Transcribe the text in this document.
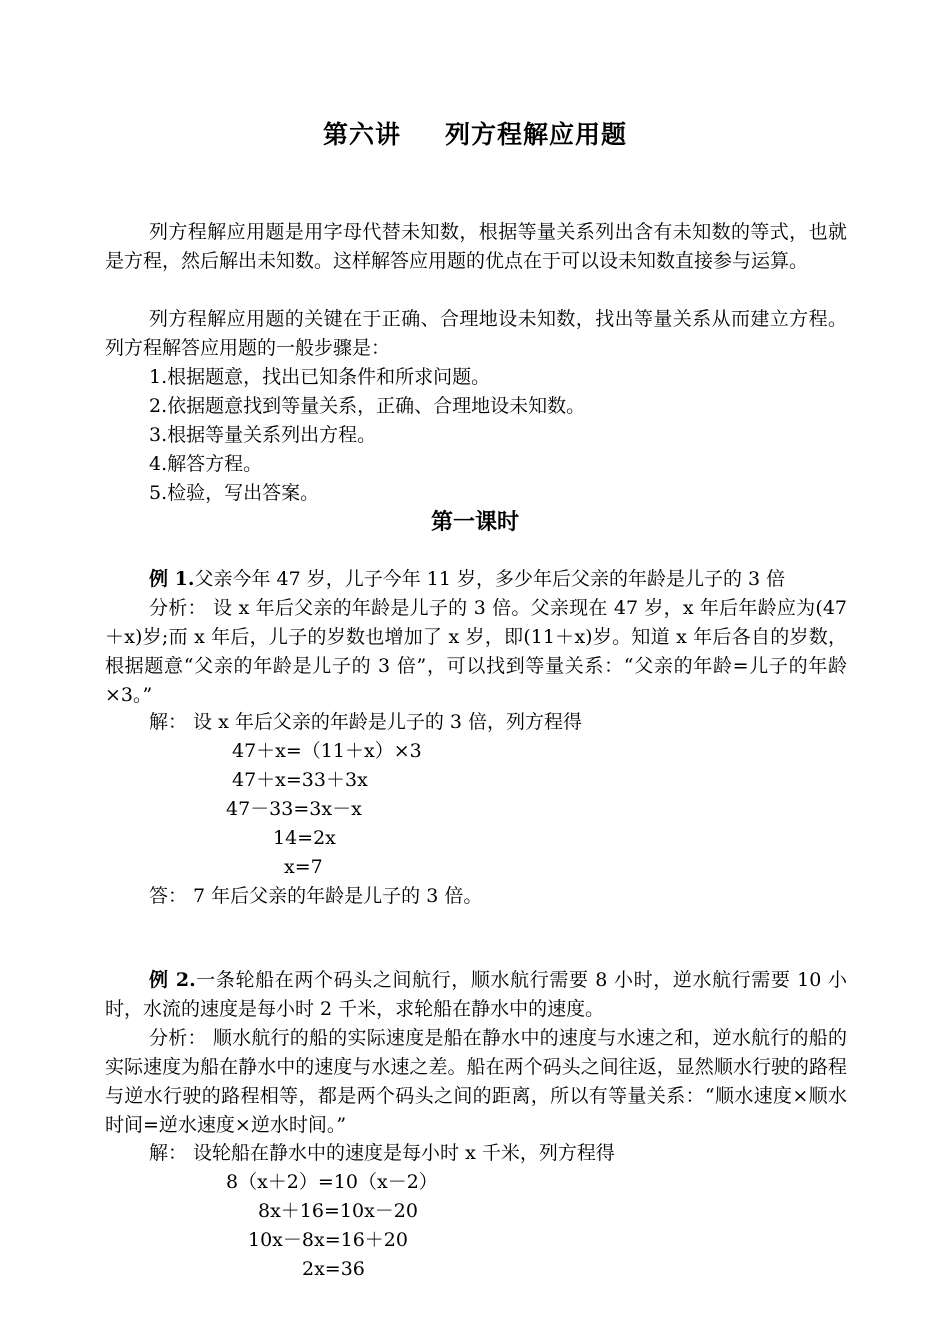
第六讲 列方程解应用题

列方程解应用题是用字母代替未知数，根据等量关系列出含有未知数的等式，也就是方程，然后解出未知数。这样解答应用题的优点在于可以设未知数直接参与运算。

列方程解应用题的关键在于正确、合理地设未知数，找出等量关系从而建立方程。列方程解答应用题的一般步骤是：

1.根据题意，找出已知条件和所求问题。
2.依据题意找到等量关系，正确、合理地设未知数。
3.根据等量关系列出方程。
4.解答方程。
5.检验，写出答案。
第一课时

例 1.父亲今年 47 岁，儿子今年 11 岁，多少年后父亲的年龄是儿子的 3 倍

分析： 设 x 年后父亲的年龄是儿子的 3 倍。父亲现在 47 岁，x 年后年龄应为(47＋x)岁;而 x 年后，儿子的岁数也增加了 x 岁，即(11＋x)岁。知道 x 年后各自的岁数，根据题意“父亲的年龄是儿子的 3 倍”，可以找到等量关系：“父亲的年龄=儿子的年龄×3。”

解： 设 x 年后父亲的年龄是儿子的 3 倍，列方程得
47＋x=（11＋x）×3
47＋x=33＋3x
47－33=3x－x
14=2x
x=7
答： 7 年后父亲的年龄是儿子的 3 倍。

例 2.一条轮船在两个码头之间航行，顺水航行需要 8 小时，逆水航行需要 10 小时，水流的速度是每小时 2 千米，求轮船在静水中的速度。

分析： 顺水航行的船的实际速度是船在静水中的速度与水速之和，逆水航行的船的实际速度为船在静水中的速度与水速之差。船在两个码头之间往返，显然顺水行驶的路程与逆水行驶的路程相等，都是两个码头之间的距离，所以有等量关系：“顺水速度×顺水时间=逆水速度×逆水时间。”

解： 设轮船在静水中的速度是每小时 x 千米，列方程得
8（x＋2）=10（x－2）
8x＋16=10x－20
10x－8x=16＋20
2x=36
